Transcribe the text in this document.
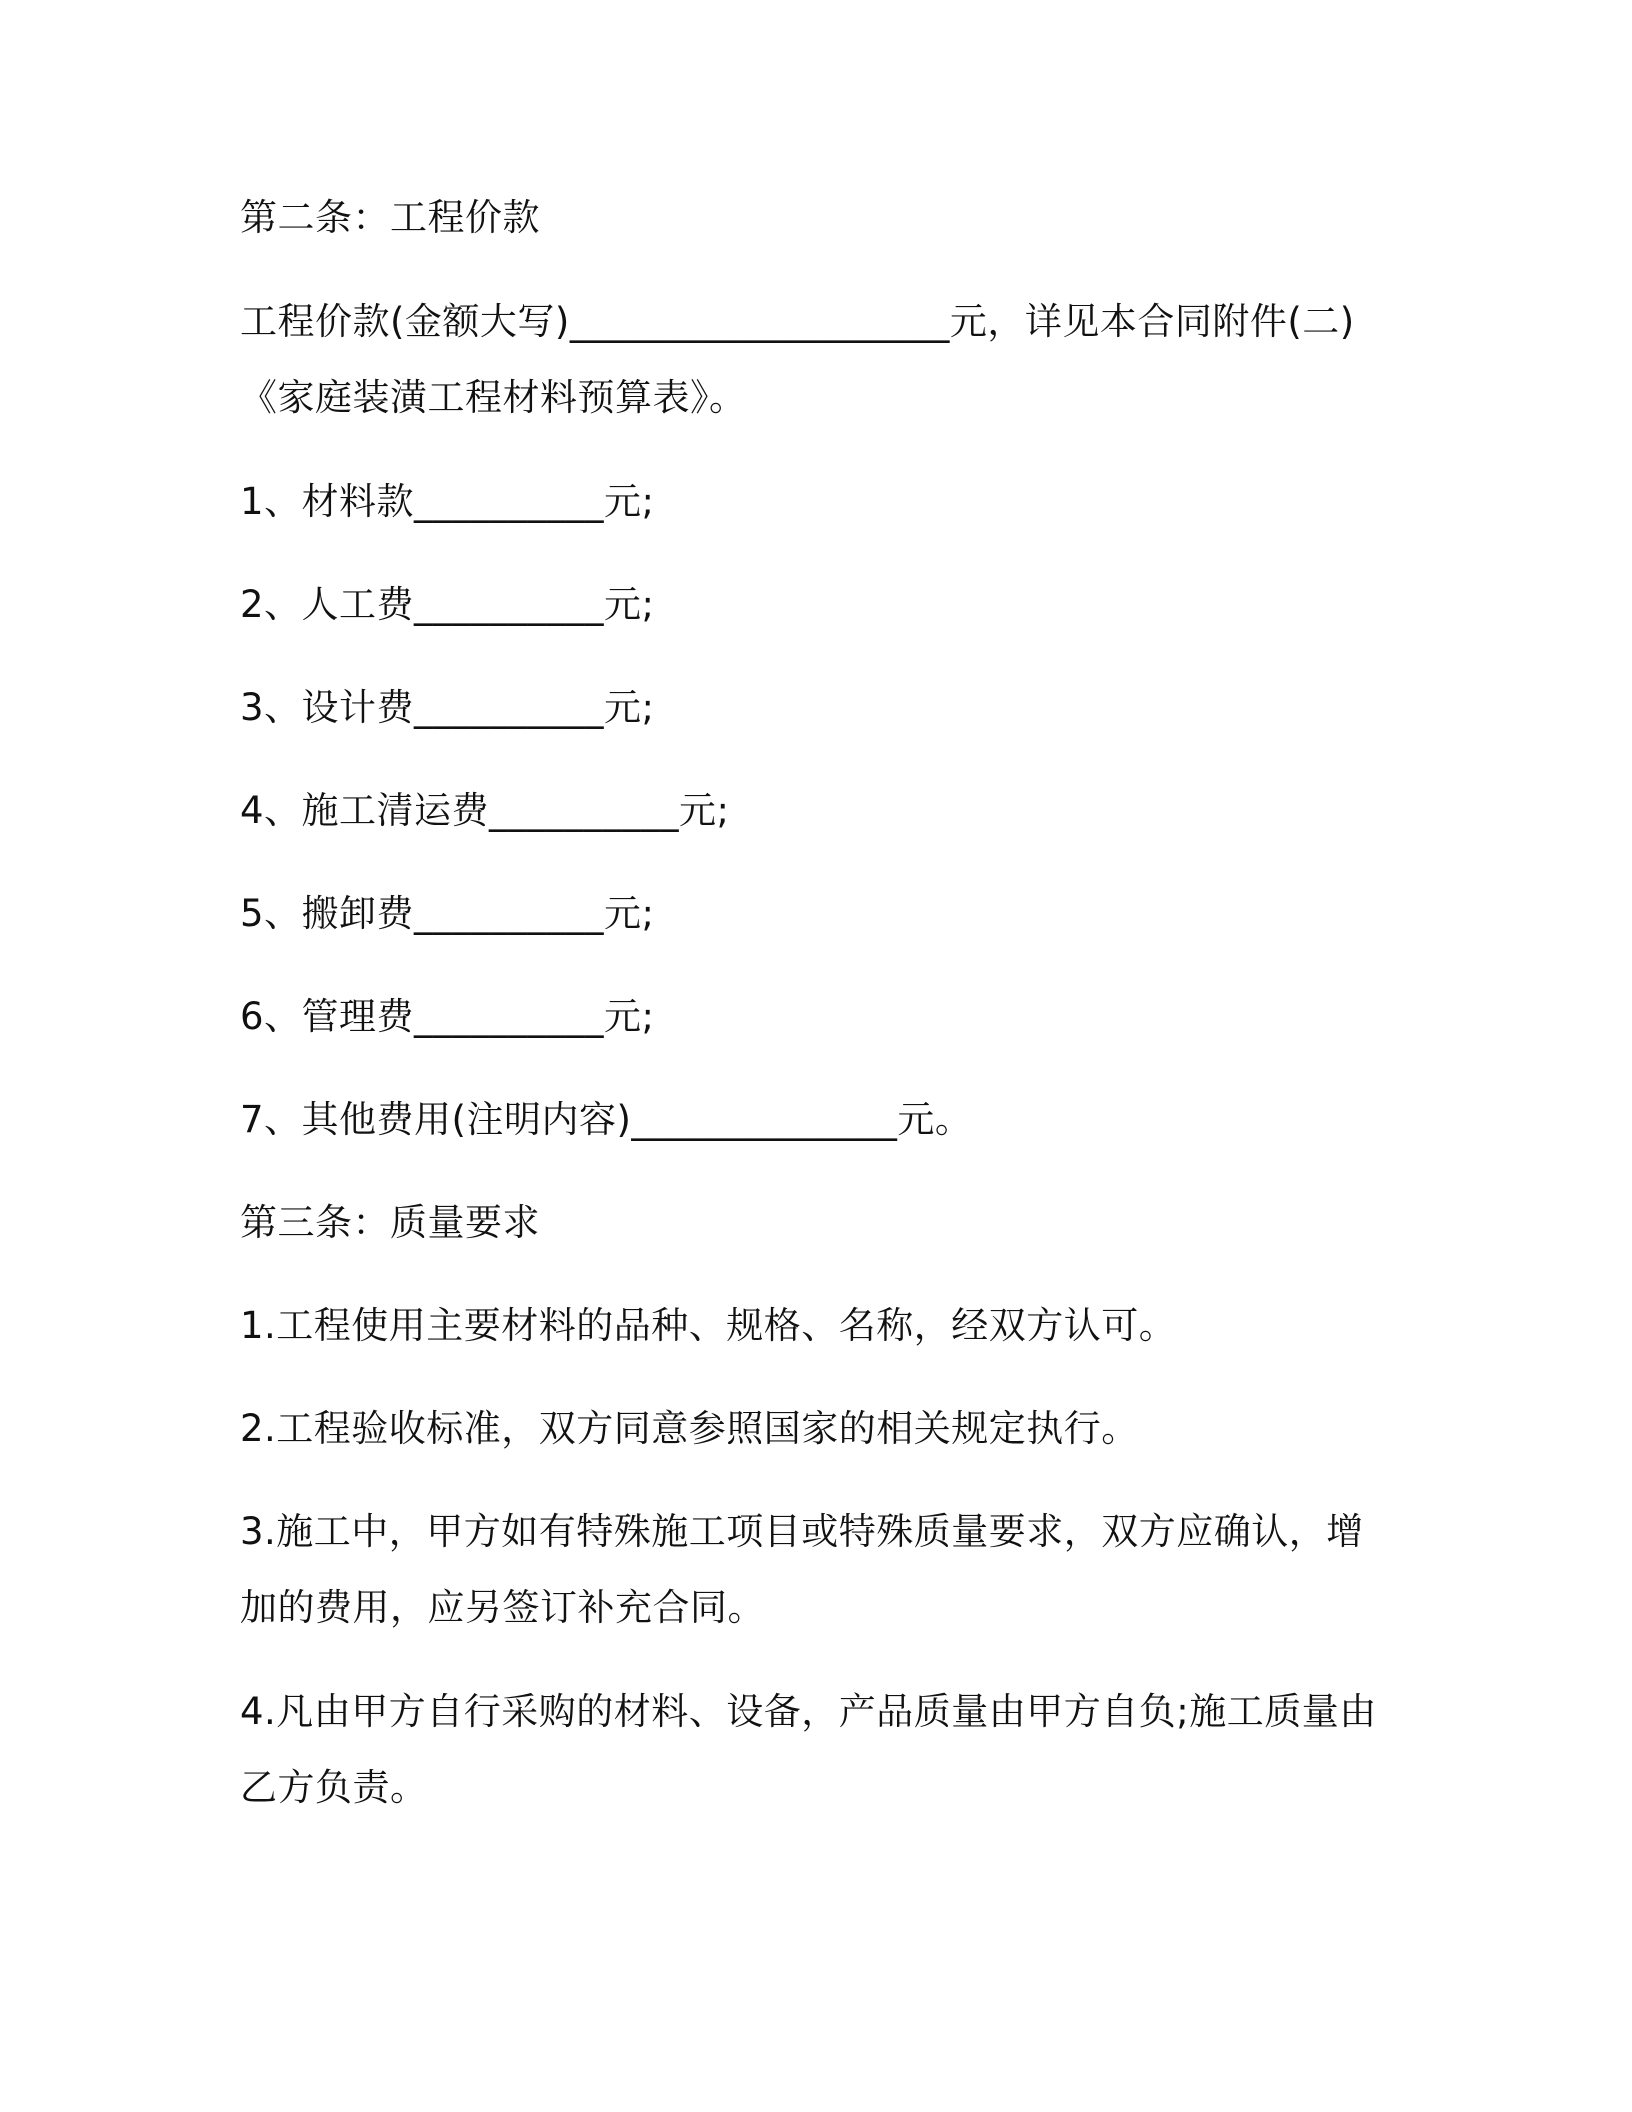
第二条：工程价款
工程价款(金额大写)____________________元，详见本合同附件(二)
《家庭装潢工程材料预算表》。
1、材料款__________元;
2、人工费__________元;
3、设计费__________元;
4、施工清运费__________元;
5、搬卸费__________元;
6、管理费__________元;
7、其他费用(注明内容)______________元。
第三条：质量要求
1.工程使用主要材料的品种、规格、名称，经双方认可。
2.工程验收标准，双方同意参照国家的相关规定执行。
3.施工中，甲方如有特殊施工项目或特殊质量要求，双方应确认，增
加的费用，应另签订补充合同。
4.凡由甲方自行采购的材料、设备，产品质量由甲方自负;施工质量由
乙方负责。
